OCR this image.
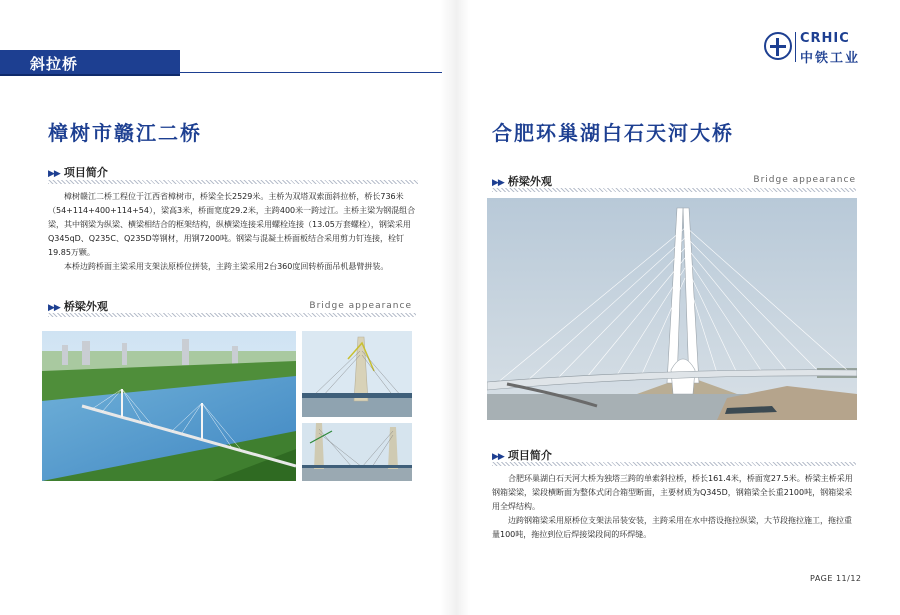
斜拉桥
CRHIC
中铁工业
樟树市赣江二桥
▶▶ 项目简介

樟树赣江二桥工程位于江西省樟树市，桥梁全长2529米。主桥为双塔双索面斜拉桥，桥长736米（54+114+400+114+54），梁高3米，桥面宽度29.2米，主跨400米一跨过江。主桥主梁为钢混组合梁，其中钢梁为纵梁、横梁相结合的框架结构，纵横梁连接采用螺栓连接（13.05万套螺栓），钢梁采用Q345qD、Q235C、Q235D等钢材，用钢7200吨。钢梁与混凝土桥面板结合采用剪力钉连接，栓钉19.85万颗。

本桥边跨桥面主梁采用支架法原桥位拼装，主跨主梁采用2台360度回转桥面吊机悬臂拼装。

▶▶ 桥梁外观	Bridge appearance
合肥环巢湖白石天河大桥
▶▶ 桥梁外观	Bridge appearance
▶▶ 项目简介

合肥环巢湖白石天河大桥为独塔三跨的单索斜拉桥，桥长161.4米，桥面宽27.5米。桥梁主桥采用钢箱梁梁，梁段横断面为整体式闭合箱型断面，主要材质为Q345D，钢箱梁全长重2100吨，钢箱梁采用全焊结构。

边跨钢箱梁采用原桥位支架法吊装安装，主跨采用在水中搭设拖拉纵梁，大节段拖拉施工，拖拉重量100吨，拖拉到位后焊接梁段间的环焊缝。

PAGE 11/12
